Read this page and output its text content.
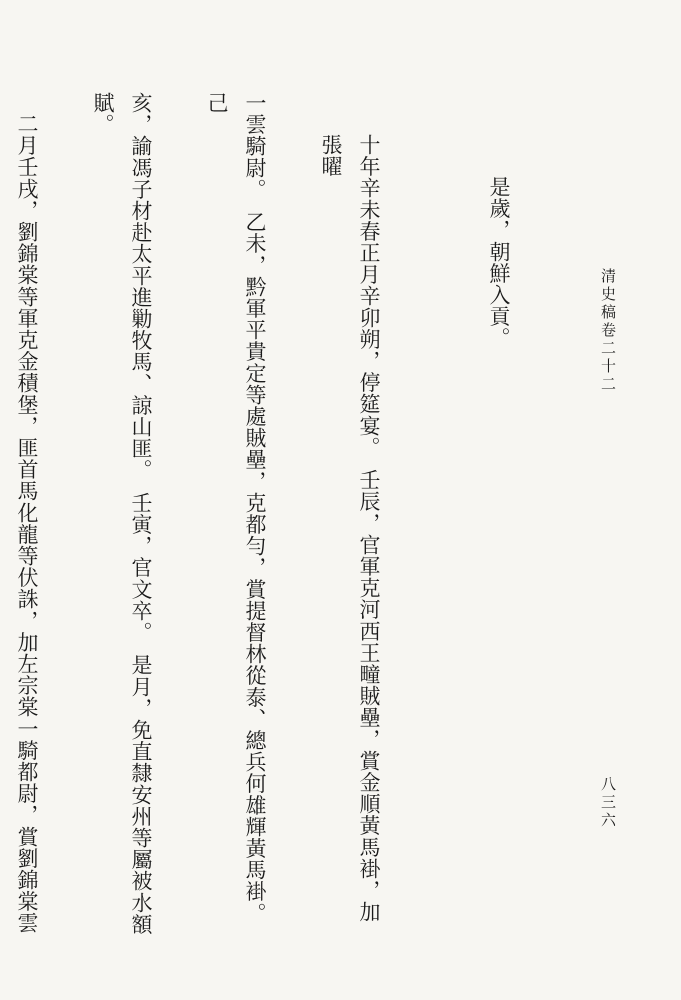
清史稿卷二十二
八三六

是歲，朝鮮入貢。

十年辛未春正月辛卯朔，停筵宴。　壬辰，官軍克河西王疃賊壘，賞金順黃馬褂，加張曜

一雲騎尉。　乙未，黔軍平貴定等處賊壘，克都勻，賞提督林從泰、總兵何雄輝黃馬褂。　己

亥，諭馮子材赴太平進勦牧馬、諒山匪。　壬寅，官文卒。　是月，免直隸安州等屬被水額賦。

二月壬戌，劉錦棠等軍克金積堡，匪首馬化龍等伏誅，加左宗棠一騎都尉，賞劉錦棠雲
